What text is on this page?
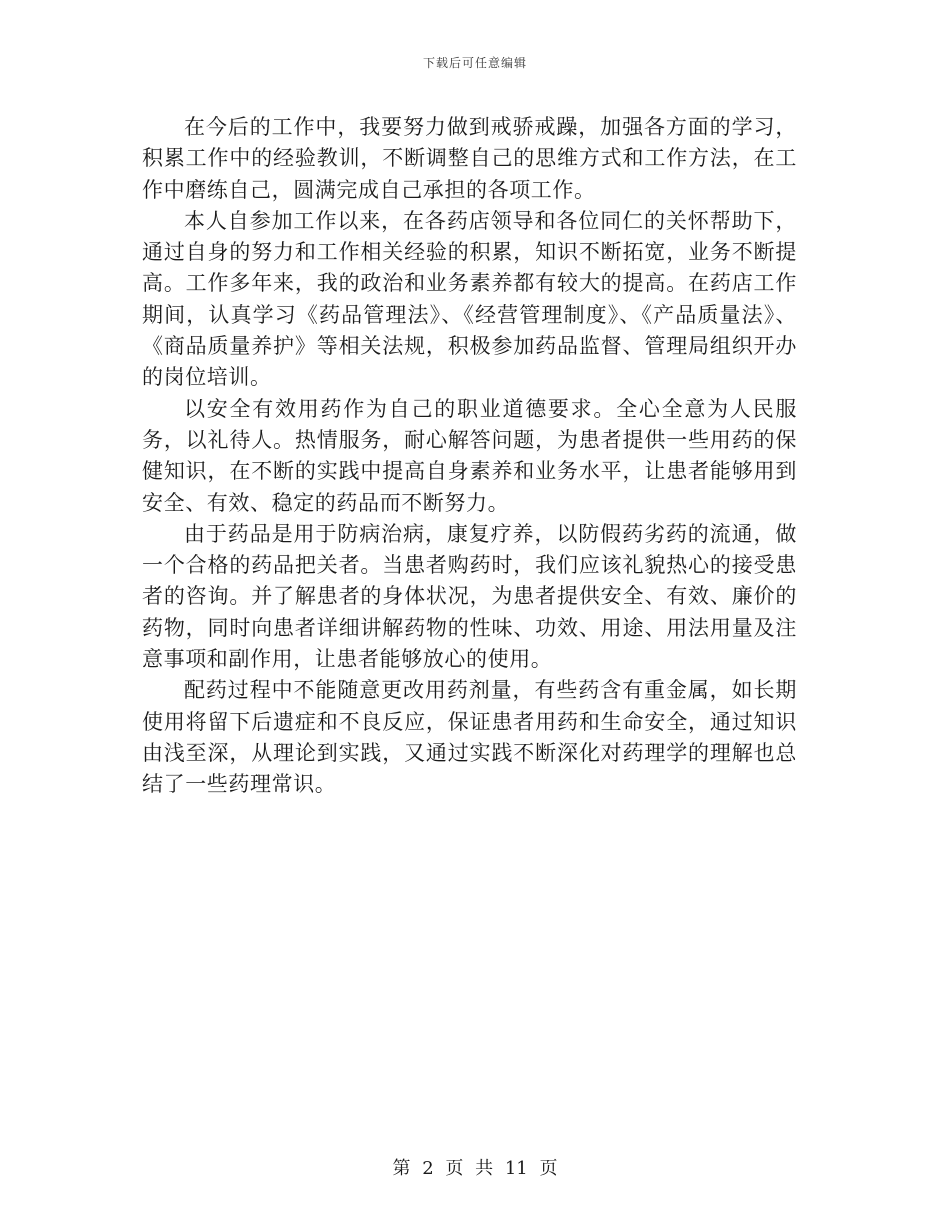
下载后可任意编辑

在今后的工作中，我要努力做到戒骄戒躁，加强各方面的学习，积累工作中的经验教训，不断调整自己的思维方式和工作方法，在工作中磨练自己，圆满完成自己承担的各项工作。

本人自参加工作以来，在各药店领导和各位同仁的关怀帮助下，通过自身的努力和工作相关经验的积累，知识不断拓宽，业务不断提高。工作多年来，我的政治和业务素养都有较大的提高。在药店工作期间，认真学习《药品管理法》、《经营管理制度》、《产品质量法》、《商品质量养护》等相关法规，积极参加药品监督、管理局组织开办的岗位培训。

以安全有效用药作为自己的职业道德要求。全心全意为人民服务，以礼待人。热情服务，耐心解答问题，为患者提供一些用药的保健知识，在不断的实践中提高自身素养和业务水平，让患者能够用到安全、有效、稳定的药品而不断努力。

由于药品是用于防病治病，康复疗养，以防假药劣药的流通，做一个合格的药品把关者。当患者购药时，我们应该礼貌热心的接受患者的咨询。并了解患者的身体状况，为患者提供安全、有效、廉价的药物，同时向患者详细讲解药物的性味、功效、用途、用法用量及注意事项和副作用，让患者能够放心的使用。

配药过程中不能随意更改用药剂量，有些药含有重金属，如长期使用将留下后遗症和不良反应，保证患者用药和生命安全，通过知识由浅至深，从理论到实践，又通过实践不断深化对药理学的理解也总结了一些药理常识。

第 2 页 共 11 页
